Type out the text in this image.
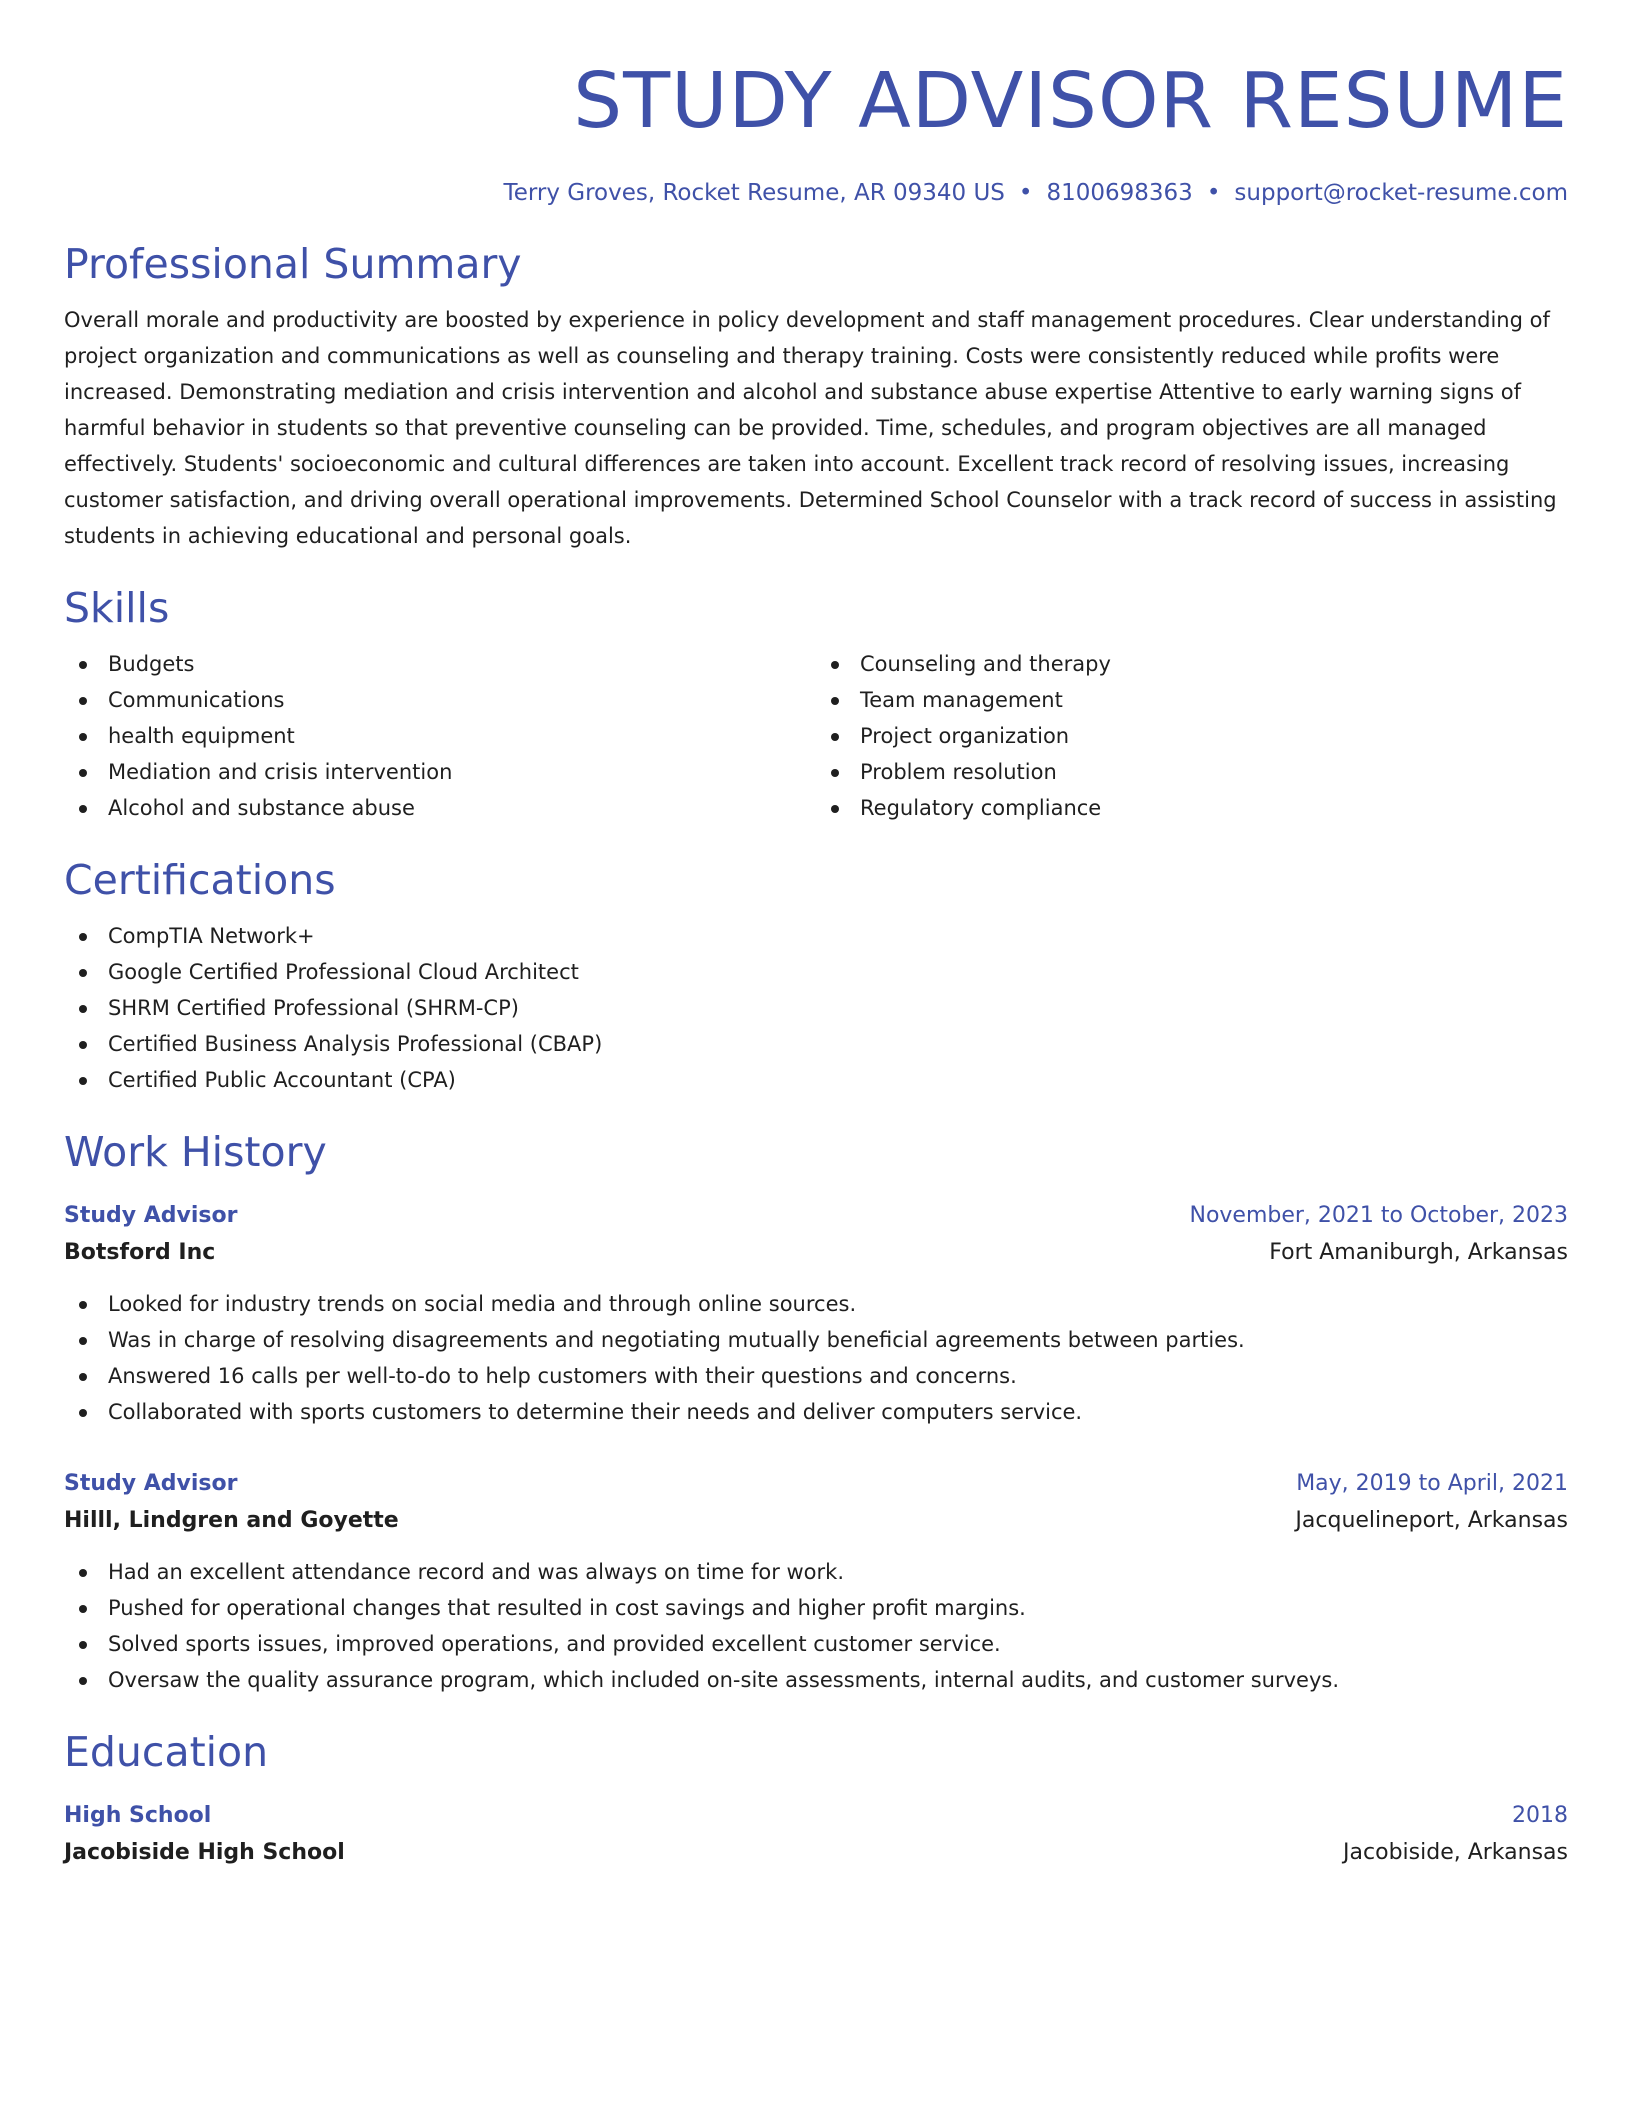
STUDY ADVISOR RESUME
Terry Groves, Rocket Resume, AR 09340 US • 8100698363 • support@rocket-resume.com
Professional Summary

Overall morale and productivity are boosted by experience in policy development and staff management procedures. Clear understanding of project organization and communications as well as counseling and therapy training. Costs were consistently reduced while profits were increased. Demonstrating mediation and crisis intervention and alcohol and substance abuse expertise Attentive to early warning signs of harmful behavior in students so that preventive counseling can be provided. Time, schedules, and program objectives are all managed effectively. Students' socioeconomic and cultural differences are taken into account. Excellent track record of resolving issues, increasing customer satisfaction, and driving overall operational improvements. Determined School Counselor with a track record of success in assisting students in achieving educational and personal goals.

Skills
Budgets
Communications
health equipment
Mediation and crisis intervention
Alcohol and substance abuse
Counseling and therapy
Team management
Project organization
Problem resolution
Regulatory compliance
Certifications
CompTIA Network+
Google Certified Professional Cloud Architect
SHRM Certified Professional (SHRM-CP)
Certified Business Analysis Professional (CBAP)
Certified Public Accountant (CPA)
Work History
Study Advisor	November, 2021 to October, 2023
Botsford Inc	Fort Amaniburgh, Arkansas
Looked for industry trends on social media and through online sources.
Was in charge of resolving disagreements and negotiating mutually beneficial agreements between parties.
Answered 16 calls per well-to-do to help customers with their questions and concerns.
Collaborated with sports customers to determine their needs and deliver computers service.
Study Advisor	May, 2019 to April, 2021
Hilll, Lindgren and Goyette	Jacquelineport, Arkansas
Had an excellent attendance record and was always on time for work.
Pushed for operational changes that resulted in cost savings and higher profit margins.
Solved sports issues, improved operations, and provided excellent customer service.
Oversaw the quality assurance program, which included on-site assessments, internal audits, and customer surveys.
Education
High School	2018
Jacobiside High School	Jacobiside, Arkansas
